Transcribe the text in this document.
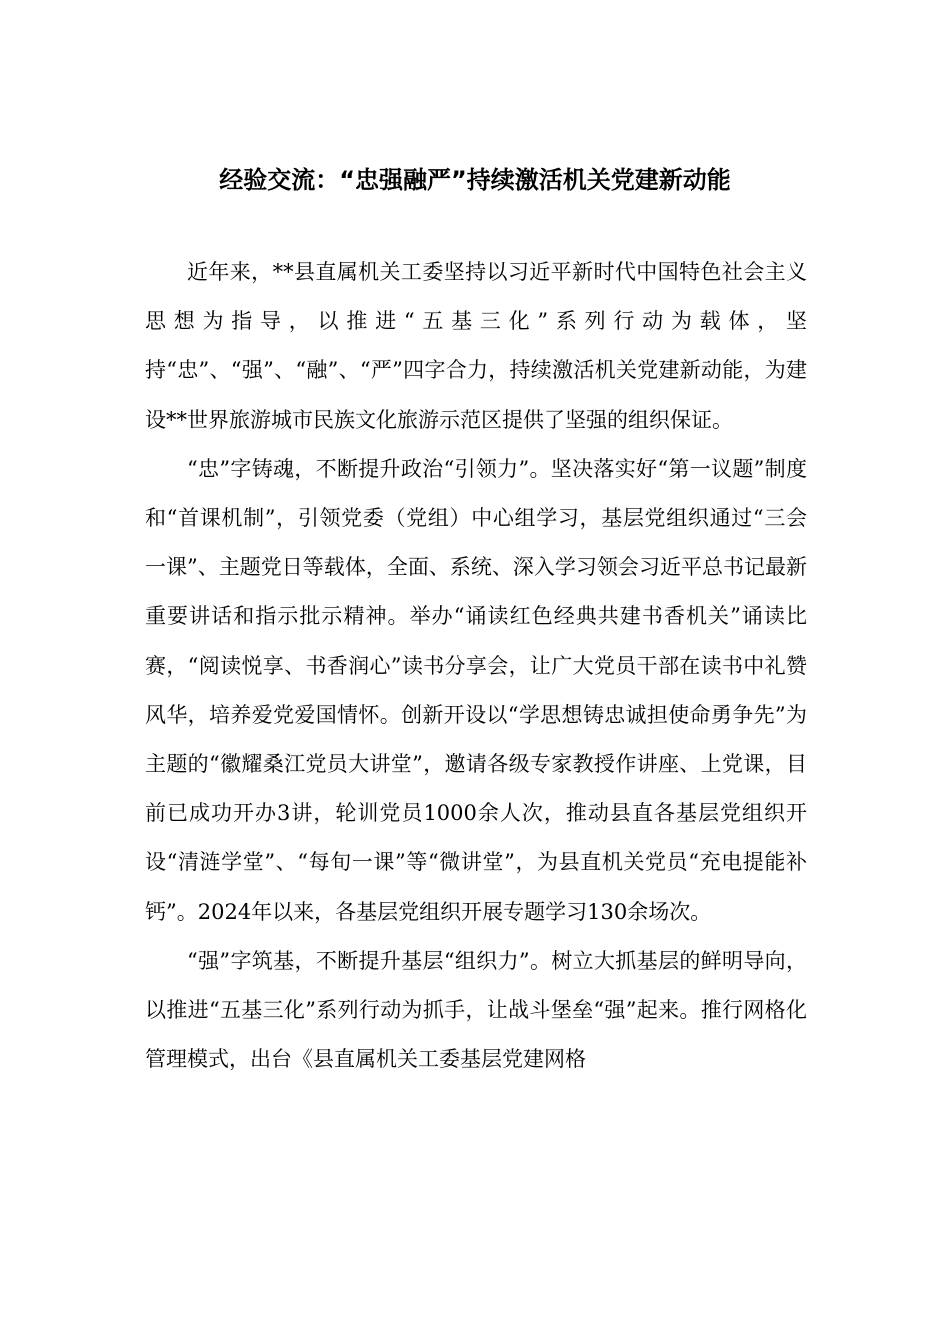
经验交流：“忠强融严”持续激活机关党建新动能

近年来，**县直属机关工委坚持以习近平新时代中国特色社会主义思想为指导，以推进“五基三化”系列行动为载体，坚持“忠”、“强”、“融”、“严”四字合力，持续激活机关党建新动能，为建设**世界旅游城市民族文化旅游示范区提供了坚强的组织保证。

“忠”字铸魂，不断提升政治“引领力”。坚决落实好“第一议题”制度和“首课机制”，引领党委（党组）中心组学习，基层党组织通过“三会一课”、主题党日等载体，全面、系统、深入学习领会习近平总书记最新重要讲话和指示批示精神。举办“诵读红色经典共建书香机关”诵读比赛，“阅读悦享、书香润心”读书分享会，让广大党员干部在读书中礼赞风华，培养爱党爱国情怀。创新开设以“学思想铸忠诚担使命勇争先”为主题的“徽耀桑江党员大讲堂”，邀请各级专家教授作讲座、上党课，目前已成功开办3讲，轮训党员1000余人次，推动县直各基层党组织开设“清涟学堂”、“每旬一课”等“微讲堂”，为县直机关党员“充电提能补钙”。2024年以来，各基层党组织开展专题学习130余场次。

“强”字筑基，不断提升基层“组织力”。树立大抓基层的鲜明导向，以推进“五基三化”系列行动为抓手，让战斗堡垒“强”起来。推行网格化管理模式，出台《县直属机关工委基层党建网格
